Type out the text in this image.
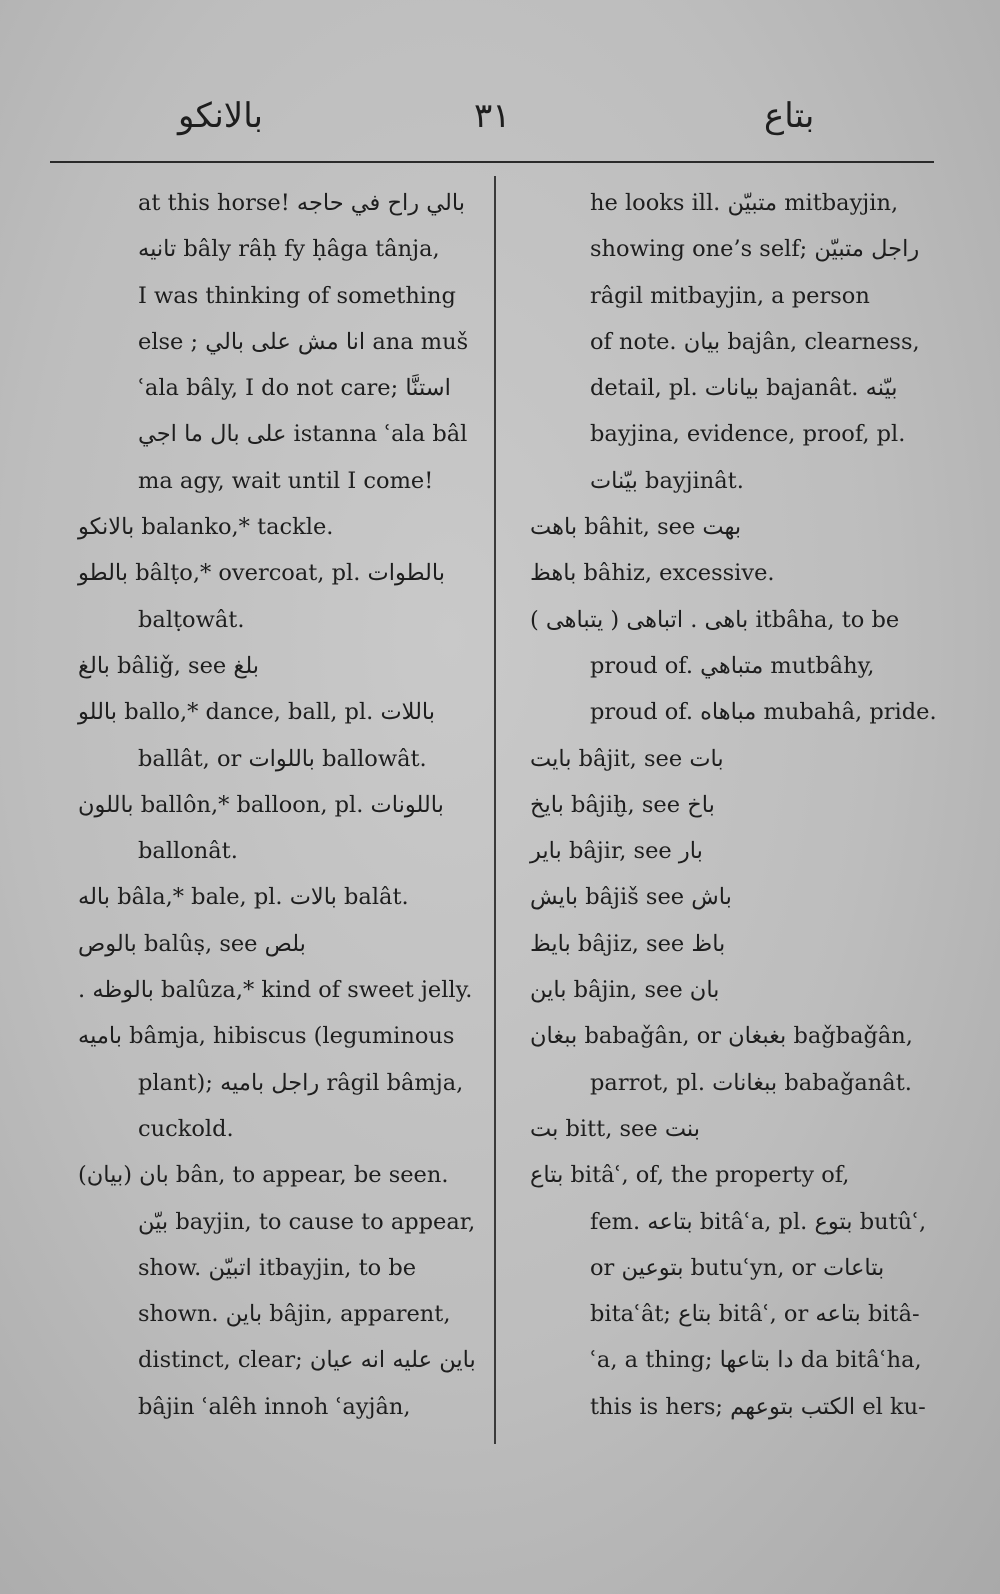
بالانكو	٣١	بتاع
at this horse! بالي راح في حاجه
تانيه bâly râḥ fy ḥâga tânja,
I was thinking of something
else ; انا مش على بالي ana muš
ʿala bâly, I do not care; استنَّا
على بال ما اجي istanna ʿala bâl
ma agy, wait until I come!
بالانكو balanko,* tackle.
بالطو bâlṭo,* overcoat, pl. بالطوات
balṭowât.
بالغ bâliǧ, see بلغ
باللو ballo,* dance, ball, pl. باللات
ballât, or باللوات ballowât.
باللون ballôn,* balloon, pl. باللونات
ballonât.
باله bâla,* bale, pl. بالات balât.
بالوص balûṣ, see بلص
. بالوظه balûza,* kind of sweet jelly.
باميه bâmja, hibiscus (leguminous
plant); راجل باميه râgil bâmja,
cuckold.
بان (بيان) bân, to appear, be seen.
بيّن bayjin, to cause to appear,
show. اتبيّن itbayjin, to be
shown. باين bâjin, apparent,
distinct, clear; باين عليه انه عيان
bâjin ʿalêh innoh ʿayjân,
he looks ill. متبيّن mitbayjin,
showing one’s self; راجل متبيّن
râgil mitbayjin, a person
of note. بيان bajân, clearness,
detail, pl. بيانات bajanât. بيّنه
bayjina, evidence, proof, pl.
بيّنات bayjinât.
باهت bâhit, see بهت
باهظ bâhiz, excessive.
باهى . اتباهى ( يتباهى ) itbâha, to be
proud of. متباهي mutbâhy,
proud of. مباهاه mubahâ, pride.
بايت bâjit, see بات
بايخ bâjiḫ, see باخ
باير bâjir, see بار
بايش bâjiš see باش
بايظ bâjiz, see باظ
باين bâjin, see بان
ببغان babaǧân, or بغبغان baǧbaǧân,
parrot, pl. ببغانات babaǧanât.
بت bitt, see بنت
بتاع bitâʿ, of, the property of,
fem. بتاعه bitâʿa, pl. بتوع butûʿ,
or بتوعين butuʿyn, or بتاعات
bitaʿât; بتاع bitâʿ, or بتاعه bitâ-
ʿa, a thing; دا بتاعها da bitâʿha,
this is hers; الكتب بتوعهم el ku-
